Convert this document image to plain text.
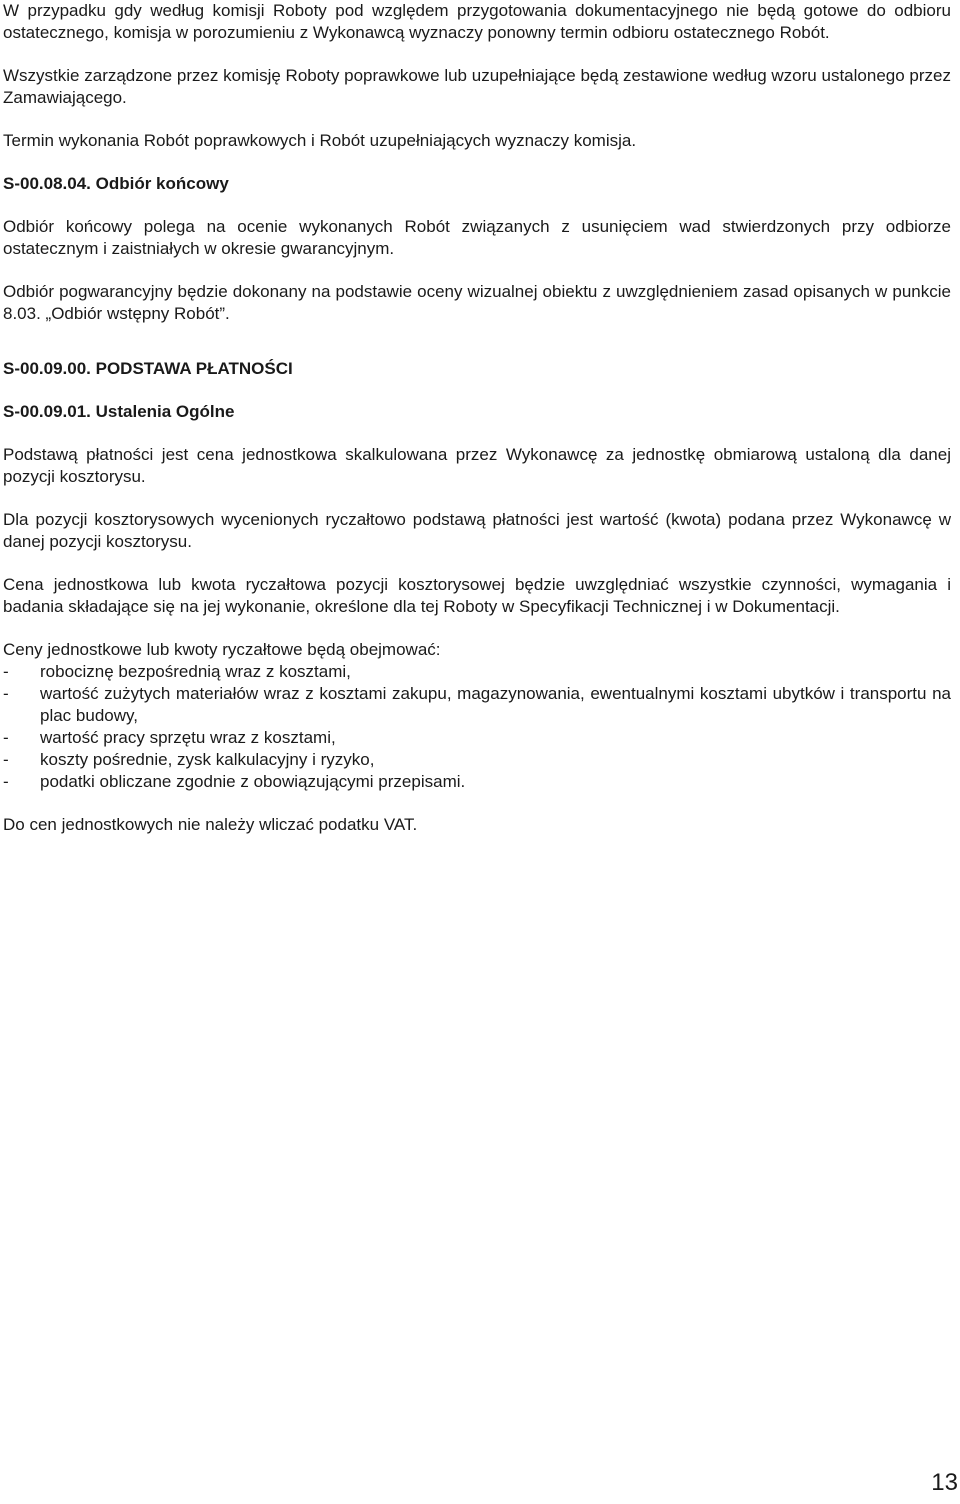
W przypadku gdy według komisji Roboty pod względem przygotowania dokumentacyjnego nie będą gotowe do odbioru ostatecznego, komisja w porozumieniu z Wykonawcą wyznaczy ponowny termin odbioru ostatecznego Robót.

Wszystkie zarządzone przez komisję Roboty poprawkowe lub uzupełniające będą zestawione według wzoru ustalonego przez Zamawiającego.

Termin wykonania Robót poprawkowych i Robót uzupełniających wyznaczy komisja.

S-00.08.04. Odbiór końcowy

Odbiór końcowy polega na ocenie wykonanych Robót związanych z usunięciem wad stwierdzonych przy odbiorze ostatecznym i zaistniałych w okresie gwarancyjnym.

Odbiór pogwarancyjny będzie dokonany na podstawie oceny wizualnej obiektu z uwzględnieniem zasad opisanych w punkcie 8.03. „Odbiór wstępny Robót”.

S-00.09.00. PODSTAWA PŁATNOŚCI
S-00.09.01. Ustalenia Ogólne

Podstawą płatności jest cena jednostkowa skalkulowana przez Wykonawcę za jednostkę obmiarową ustaloną dla danej pozycji kosztorysu.

Dla pozycji kosztorysowych wycenionych ryczałtowo podstawą płatności jest wartość (kwota) podana przez Wykonawcę w danej pozycji kosztorysu.

Cena jednostkowa lub kwota ryczałtowa pozycji kosztorysowej będzie uwzględniać wszystkie czynności, wymagania i badania składające się na jej wykonanie, określone dla tej Roboty w Specyfikacji Technicznej i w Dokumentacji.

Ceny jednostkowe lub kwoty ryczałtowe będą obejmować:

- robociznę bezpośrednią wraz z kosztami,
- wartość zużytych materiałów wraz z kosztami zakupu, magazynowania, ewentualnymi kosztami ubytków i transportu na plac budowy,
- wartość pracy sprzętu wraz z kosztami,
- koszty pośrednie, zysk kalkulacyjny i ryzyko,
- podatki obliczane zgodnie z obowiązującymi przepisami.

Do cen jednostkowych nie należy wliczać podatku VAT.

13
